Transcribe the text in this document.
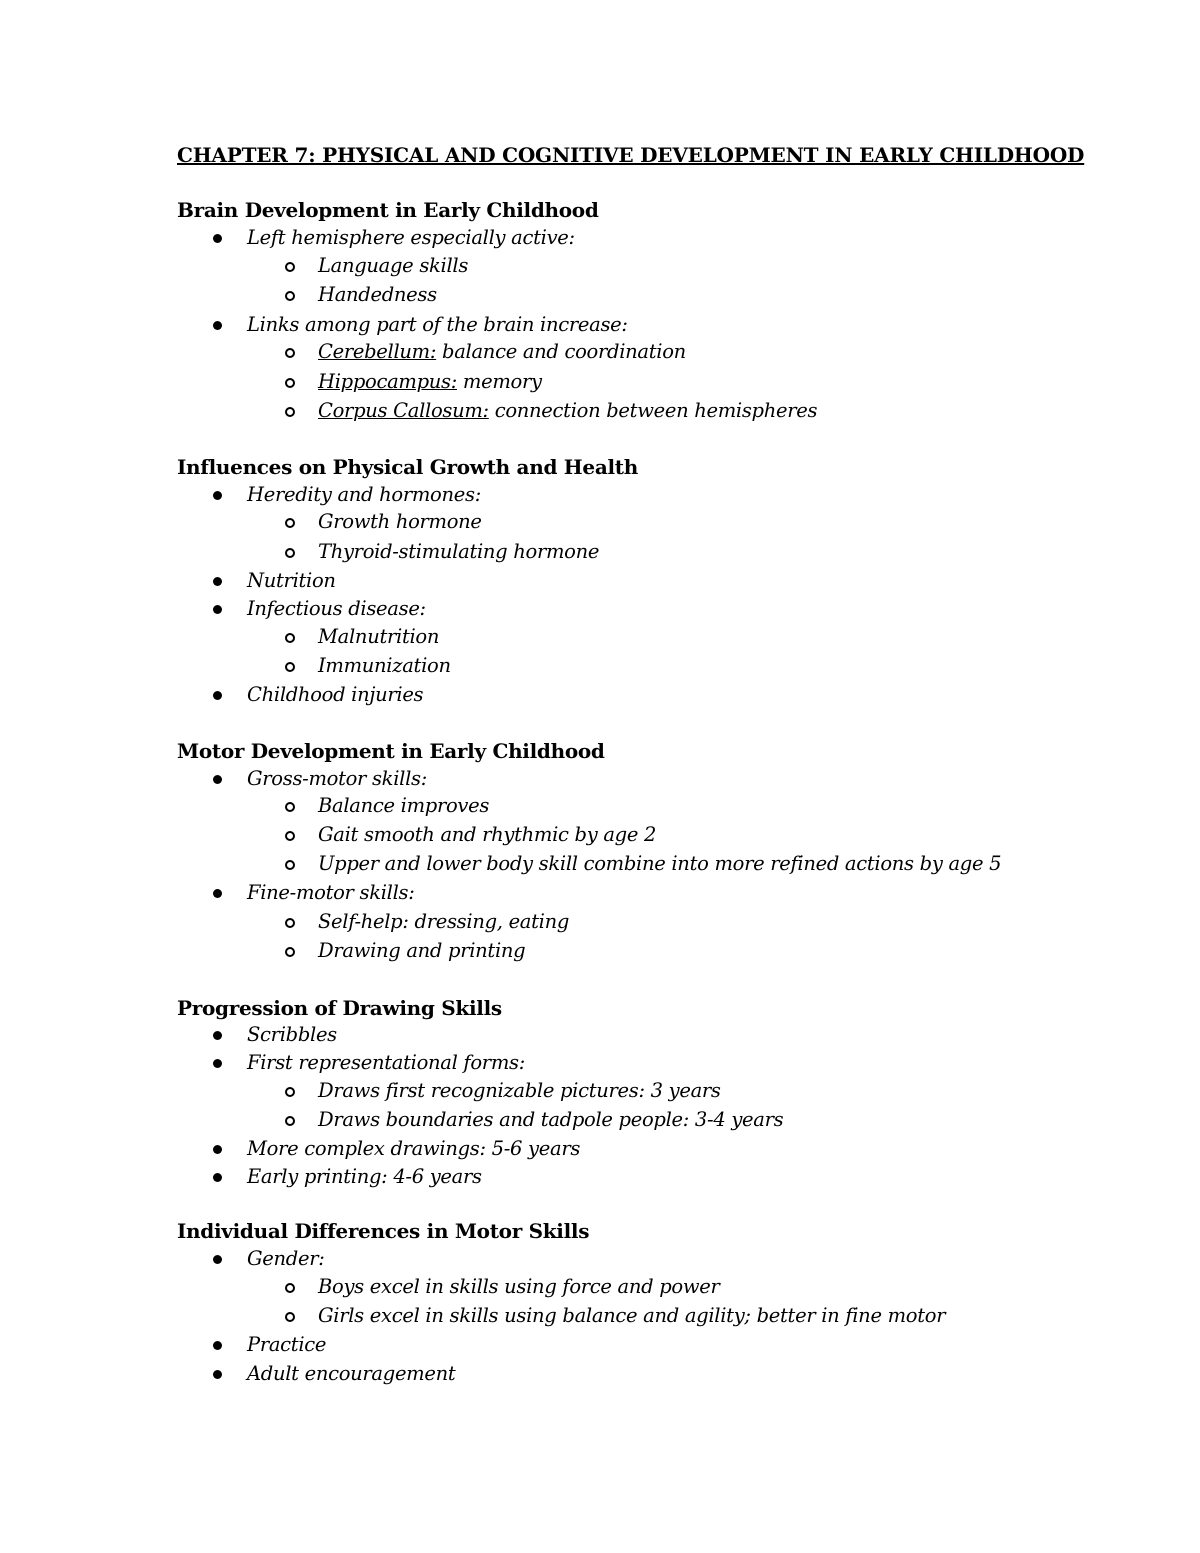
CHAPTER 7: PHYSICAL AND COGNITIVE DEVELOPMENT IN EARLY CHILDHOOD
Brain Development in Early Childhood
Left hemisphere especially active:
Language skills
Handedness
Links among part of the brain increase:
Cerebellum: balance and coordination
Hippocampus: memory
Corpus Callosum: connection between hemispheres
Influences on Physical Growth and Health
Heredity and hormones:
Growth hormone
Thyroid-stimulating hormone
Nutrition
Infectious disease:
Malnutrition
Immunization
Childhood injuries
Motor Development in Early Childhood
Gross-motor skills:
Balance improves
Gait smooth and rhythmic by age 2
Upper and lower body skill combine into more refined actions by age 5
Fine-motor skills:
Self-help: dressing, eating
Drawing and printing
Progression of Drawing Skills
Scribbles
First representational forms:
Draws first recognizable pictures: 3 years
Draws boundaries and tadpole people: 3-4 years
More complex drawings: 5-6 years
Early printing: 4-6 years
Individual Differences in Motor Skills
Gender:
Boys excel in skills using force and power
Girls excel in skills using balance and agility; better in fine motor
Practice
Adult encouragement
